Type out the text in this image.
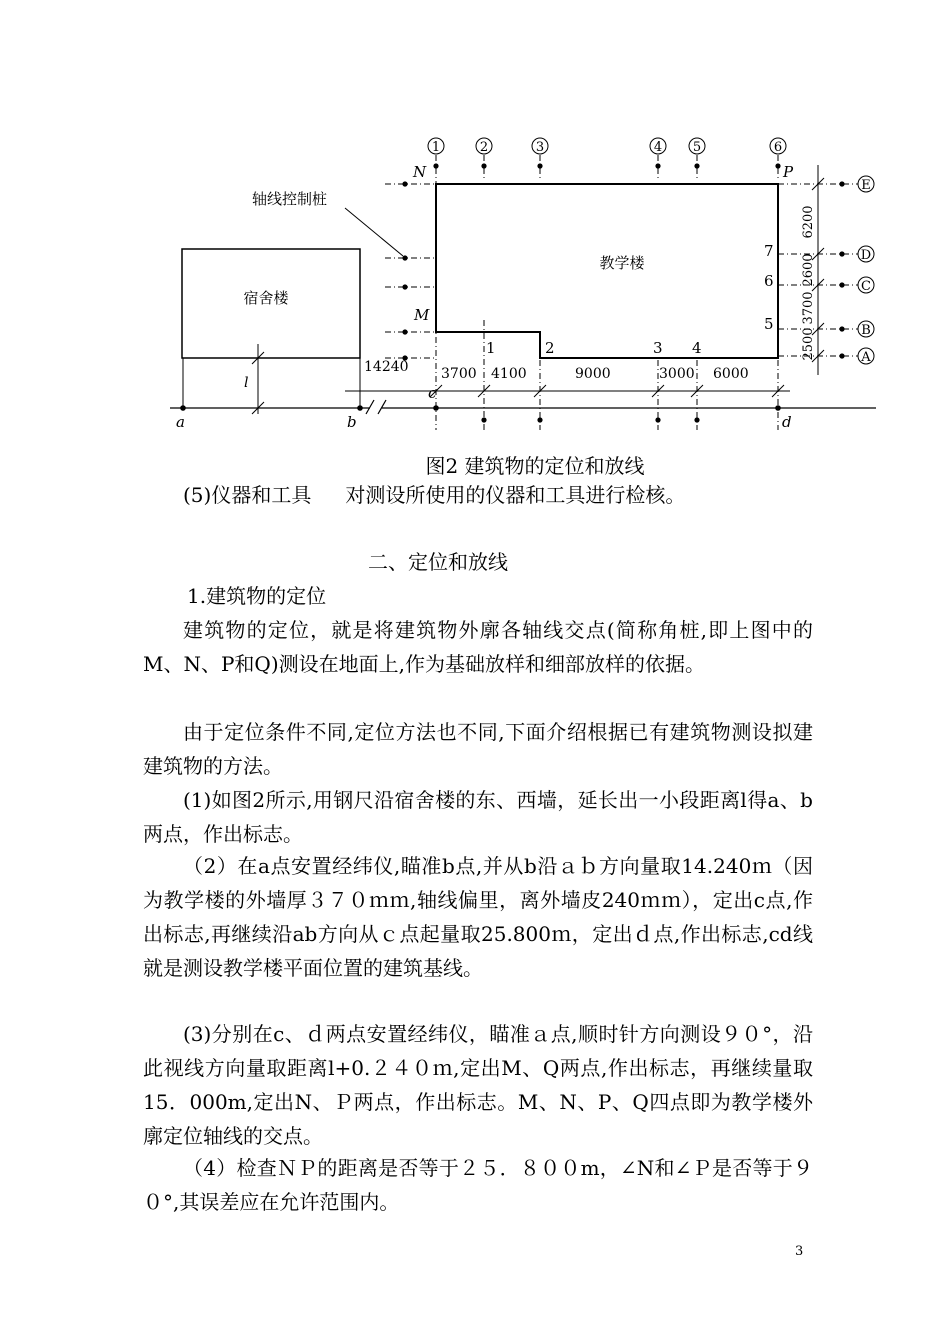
1	2	3	4 5	6
E
D
C
B
A
教学楼
宿舍楼
N	P
M
轴线控制桩
7
6
5
1	2	3 4
6200
2600
3700
2500
14240 3700 4100	9000	3000 6000
a	b
c
d
l
图2 建筑物的定位和放线
(5)仪器和工具 对测设所使用的仪器和工具进行检核。
二、定位和放线
1.建筑物的定位
建筑物的定位，就是将建筑物外廓各轴线交点(简称角桩,即上图中的M、N、P和Q)测设在地面上,作为基础放样和细部放样的依据。
由于定位条件不同,定位方法也不同,下面介绍根据已有建筑物测设拟建建筑物的方法。
(1)如图2所示,用钢尺沿宿舍楼的东、西墙，延长出一小段距离l得a、b两点，作出标志。
（2）在a点安置经纬仪,瞄准b点,并从b沿ａｂ方向量取14.240ｍ（因为教学楼的外墙厚３７０ｍｍ,轴线偏里，离外墙皮240ｍｍ），定出c点,作出标志,再继续沿ab方向从ｃ点起量取25.800ｍ，定出ｄ点,作出标志,cd线就是测设教学楼平面位置的建筑基线。
(3)分别在c、ｄ两点安置经纬仪，瞄准ａ点,顺时针方向测设９０°，沿此视线方向量取距离l+0.２４０ｍ,定出M、Q两点,作出标志，再继续量取15．000m,定出N、Ｐ两点，作出标志。M、N、P、Q四点即为教学楼外廓定位轴线的交点。
（4）检查ＮＰ的距离是否等于２５．８００m，∠N和∠Ｐ是否等于９０°,其误差应在允许范围内。
3
